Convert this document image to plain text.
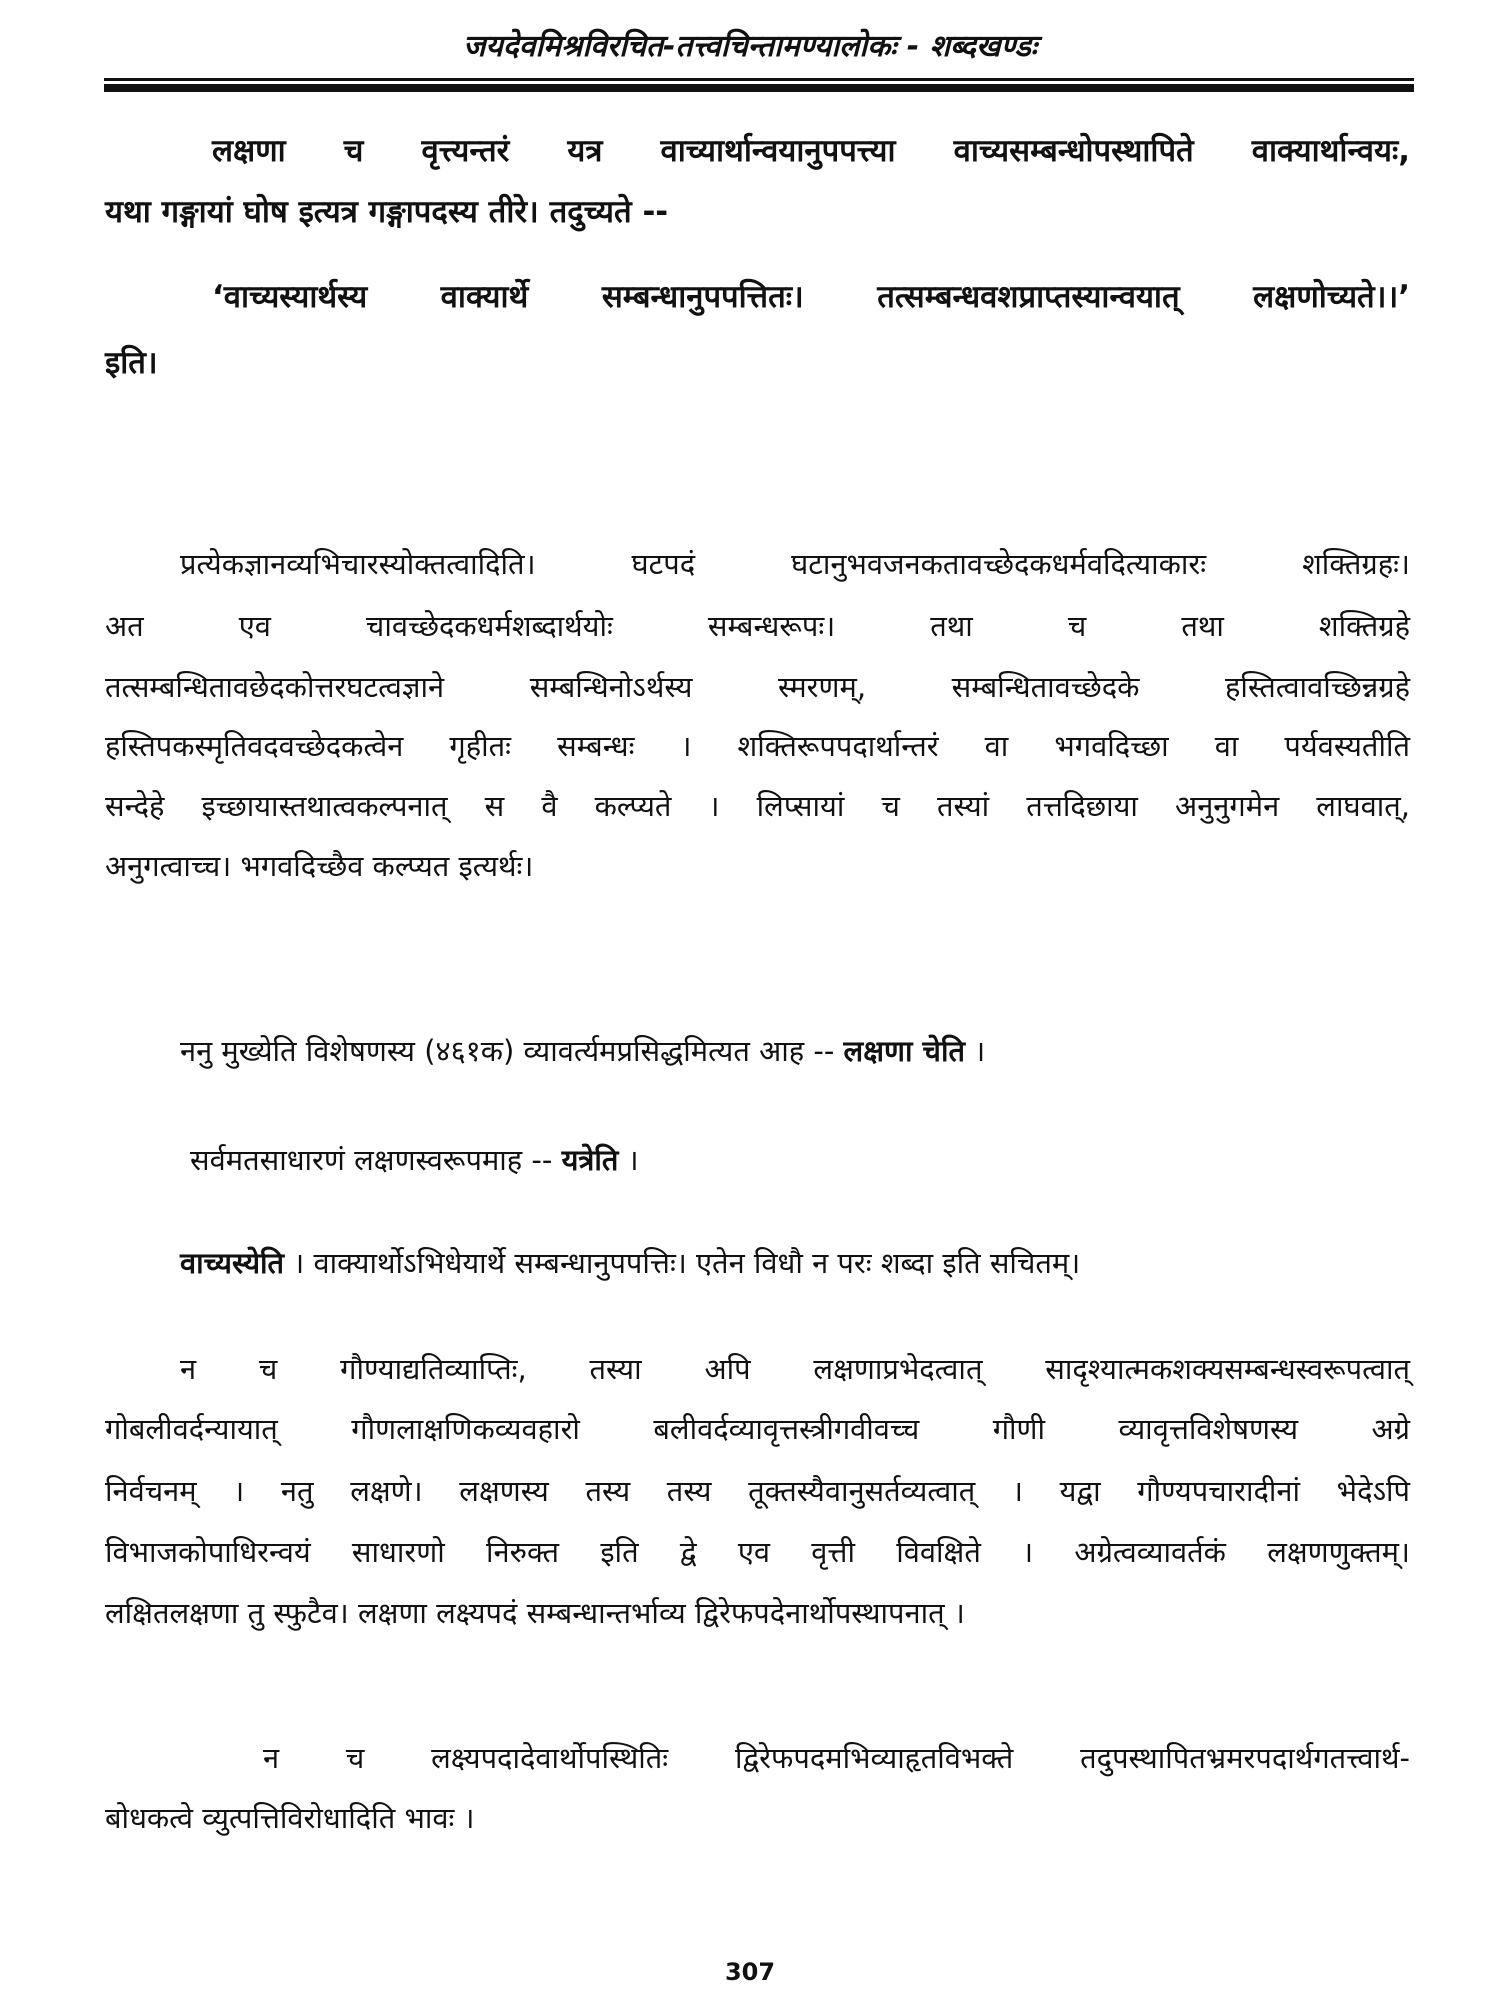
जयदेवमिश्रविरचित-तत्त्वचिन्तामण्यालोकः - शब्दखण्डः
लक्षणा च वृत्त्यन्तरं यत्र वाच्यार्थान्वयानुपपत्त्या वाच्यसम्बन्धोपस्थापिते वाक्यार्थान्वयः,
यथा गङ्गायां घोष इत्यत्र गङ्गापदस्य तीरे। तदुच्यते --
‘वाच्यस्यार्थस्य वाक्यार्थे सम्बन्धानुपपत्तितः। तत्सम्बन्धवशप्राप्तस्यान्वयात् लक्षणोच्यते।।’
इति।
प्रत्येकज्ञानव्यभिचारस्योक्तत्वादिति। घटपदं घटानुभवजनकतावच्छेदकधर्मवदित्याकारः शक्तिग्रहः।
अत एव चावच्छेदकधर्मशब्दार्थयोः सम्बन्धरूपः। तथा च तथा शक्तिग्रहे
तत्सम्बन्धितावछेदकोत्तरघटत्वज्ञाने सम्बन्धिनोऽर्थस्य स्मरणम्, सम्बन्धितावच्छेदके हस्तित्वावच्छिन्नग्रहे
हस्तिपकस्मृतिवदवच्छेदकत्वेन गृहीतः सम्बन्धः । शक्तिरूपपदार्थान्तरं वा भगवदिच्छा वा पर्यवस्यतीति
सन्देहे इच्छायास्तथात्वकल्पनात् स वै कल्प्यते । लिप्सायां च तस्यां तत्तदिछाया अनुनुगमेन लाघवात्,
अनुगत्वाच्च। भगवदिच्छैव कल्प्यत इत्यर्थः।
ननु मुख्येति विशेषणस्य (४६१क) व्यावर्त्यमप्रसिद्धमित्यत आह -- लक्षणा चेति ।
सर्वमतसाधारणं लक्षणस्वरूपमाह -- यत्रेति ।
वाच्यस्येति । वाक्यार्थोऽभिधेयार्थे सम्बन्धानुपपत्तिः। एतेन विधौ न परः शब्दा इति सचितम्।
न च गौण्याद्यतिव्याप्तिः, तस्या अपि लक्षणाप्रभेदत्वात् सादृश्यात्मकशक्यसम्बन्धस्वरूपत्वात्
गोबलीवर्दन्यायात् गौणलाक्षणिकव्यवहारो बलीवर्दव्यावृत्तस्त्रीगवीवच्च गौणी व्यावृत्तविशेषणस्य अग्रे
निर्वचनम् । नतु लक्षणे। लक्षणस्य तस्य तस्य तूक्तस्यैवानुसर्तव्यत्वात् । यद्वा गौण्यपचारादीनां भेदेऽपि
विभाजकोपाधिरन्वयं साधारणो निरुक्त इति द्वे एव वृत्ती विवक्षिते । अग्रेत्वव्यावर्तकं लक्षणणुक्तम्।
लक्षितलक्षणा तु स्फुटैव। लक्षणा लक्ष्यपदं सम्बन्धान्तर्भाव्य द्विरेफपदेनार्थोपस्थापनात् ।
न च लक्ष्यपदादेवार्थोपस्थितिः द्विरेफपदमभिव्याहृतविभक्ते तदुपस्थापितभ्रमरपदार्थगतत्त्वार्थ-
बोधकत्वे व्युत्पत्तिविरोधादिति भावः ।
307
